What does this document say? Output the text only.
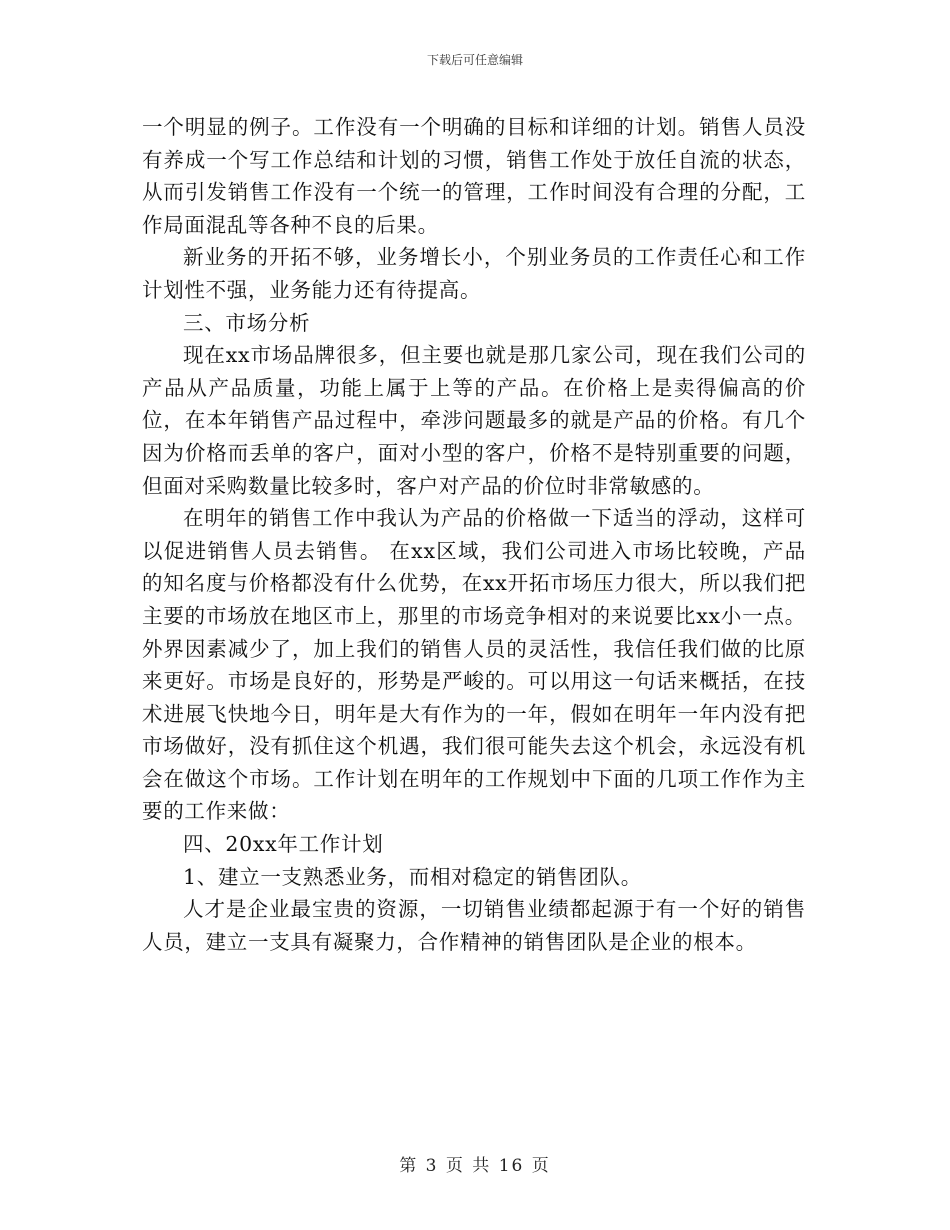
下载后可任意编辑

一个明显的例子。工作没有一个明确的目标和详细的计划。销售人员没有养成一个写工作总结和计划的习惯，销售工作处于放任自流的状态，从而引发销售工作没有一个统一的管理，工作时间没有合理的分配，工作局面混乱等各种不良的后果。

新业务的开拓不够，业务增长小，个别业务员的工作责任心和工作计划性不强，业务能力还有待提高。

三、市场分析

现在xx市场品牌很多，但主要也就是那几家公司，现在我们公司的产品从产品质量，功能上属于上等的产品。在价格上是卖得偏高的价位，在本年销售产品过程中，牵涉问题最多的就是产品的价格。有几个因为价格而丢单的客户，面对小型的客户，价格不是特别重要的问题，但面对采购数量比较多时，客户对产品的价位时非常敏感的。

在明年的销售工作中我认为产品的价格做一下适当的浮动，这样可以促进销售人员去销售。 在xx区域，我们公司进入市场比较晚，产品的知名度与价格都没有什么优势，在xx开拓市场压力很大，所以我们把主要的市场放在地区市上，那里的市场竞争相对的来说要比xx小一点。外界因素减少了，加上我们的销售人员的灵活性，我信任我们做的比原来更好。市场是良好的，形势是严峻的。可以用这一句话来概括，在技术进展飞快地今日，明年是大有作为的一年，假如在明年一年内没有把市场做好，没有抓住这个机遇，我们很可能失去这个机会，永远没有机会在做这个市场。工作计划在明年的工作规划中下面的几项工作作为主要的工作来做：

四、20xx年工作计划

1、建立一支熟悉业务，而相对稳定的销售团队。

人才是企业最宝贵的资源，一切销售业绩都起源于有一个好的销售人员，建立一支具有凝聚力，合作精神的销售团队是企业的根本。

第 3 页 共 16 页
